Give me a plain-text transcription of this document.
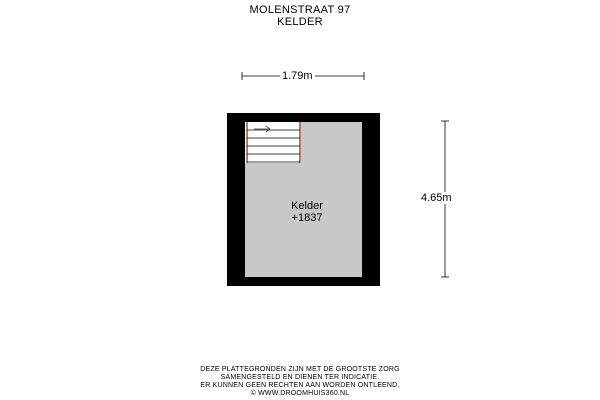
MOLENSTRAAT 97
KELDER
1.79m
4.65m
Kelder
+1837
DEZE PLATTEGRONDEN ZIJN MET DE GROOTSTE ZORG
SAMENGESTELD EN DIENEN TER INDICATIE.
ER KUNNEN GEEN RECHTEN AAN WORDEN ONTLEEND.
© WWW.DROOMHUIS360.NL
